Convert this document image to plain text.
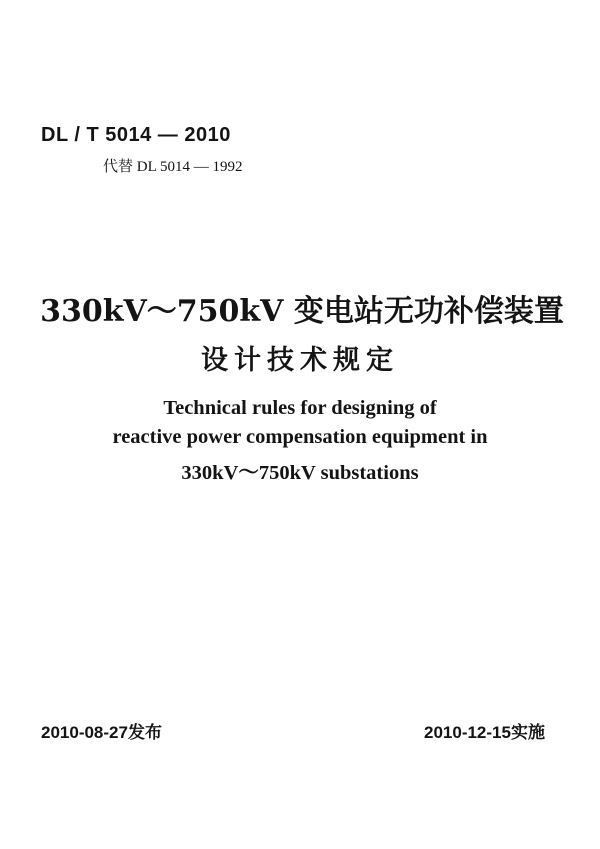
DL / T 5014 — 2010
代替 DL 5014 — 1992
330kV～750kV 变电站无功补偿装置
设计技术规定
Technical rules for designing of
reactive power compensation equipment in
330kV～750kV substations
2010-08-27发布	2010-12-15实施
